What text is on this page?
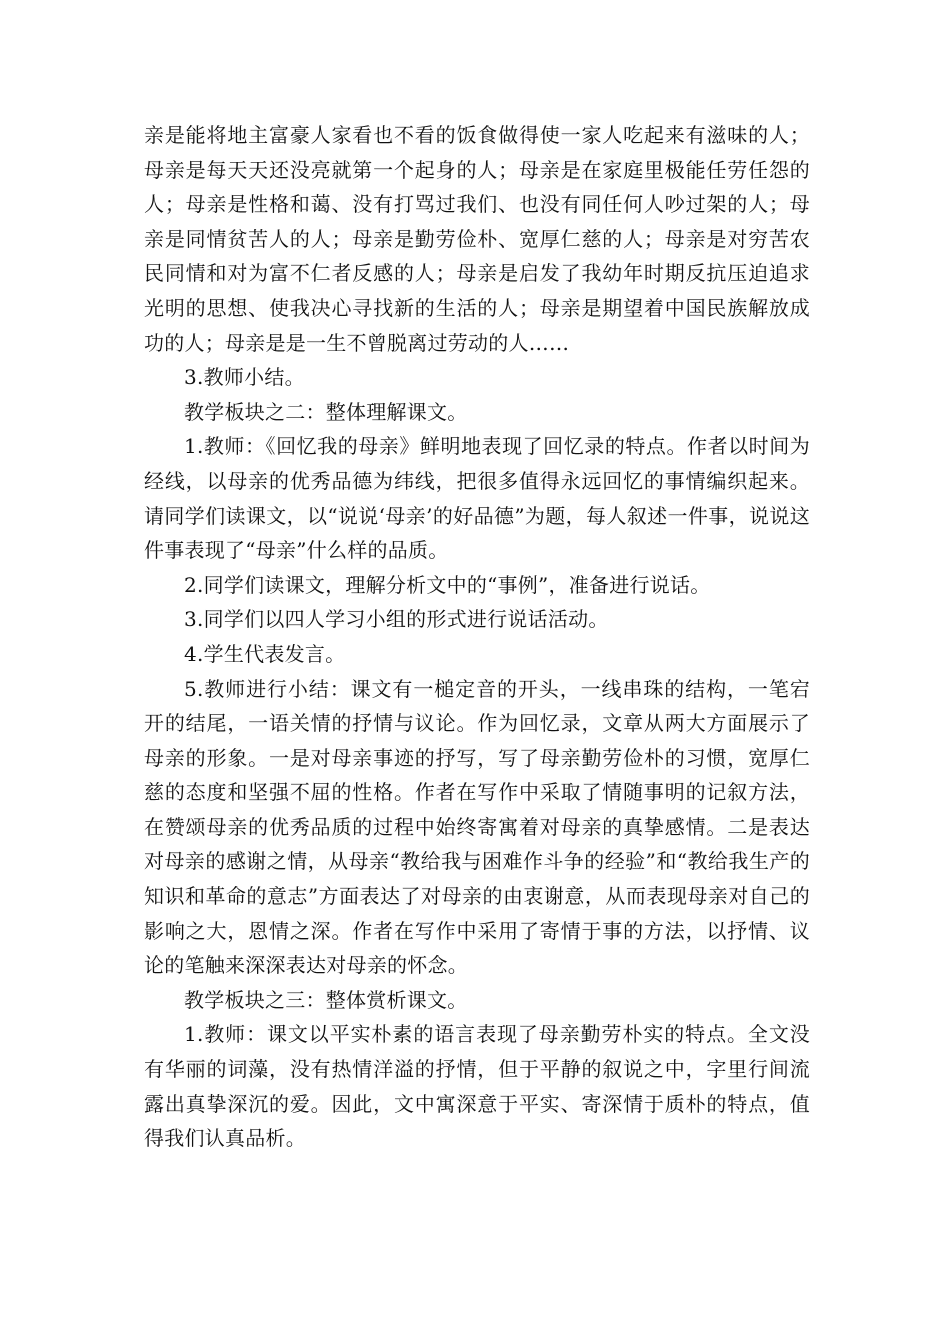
亲是能将地主富豪人家看也不看的饭食做得使一家人吃起来有滋味的人；母亲是每天天还没亮就第一个起身的人；母亲是在家庭里极能任劳任怨的人；母亲是性格和蔼、没有打骂过我们、也没有同任何人吵过架的人；母亲是同情贫苦人的人；母亲是勤劳俭朴、宽厚仁慈的人；母亲是对穷苦农民同情和对为富不仁者反感的人；母亲是启发了我幼年时期反抗压迫追求光明的思想、使我决心寻找新的生活的人；母亲是期望着中国民族解放成功的人；母亲是是一生不曾脱离过劳动的人……

3.教师小结。

教学板块之二：整体理解课文。

1.教师：《回忆我的母亲》鲜明地表现了回忆录的特点。作者以时间为经线，以母亲的优秀品德为纬线，把很多值得永远回忆的事情编织起来。请同学们读课文，以“说说‘母亲’的好品德”为题，每人叙述一件事，说说这件事表现了“母亲”什么样的品质。

2.同学们读课文，理解分析文中的“事例”，准备进行说话。

3.同学们以四人学习小组的形式进行说话活动。

4.学生代表发言。

5.教师进行小结：课文有一槌定音的开头，一线串珠的结构，一笔宕开的结尾，一语关情的抒情与议论。作为回忆录，文章从两大方面展示了母亲的形象。一是对母亲事迹的抒写，写了母亲勤劳俭朴的习惯，宽厚仁慈的态度和坚强不屈的性格。作者在写作中采取了情随事明的记叙方法，在赞颂母亲的优秀品质的过程中始终寄寓着对母亲的真挚感情。二是表达对母亲的感谢之情，从母亲“教给我与困难作斗争的经验”和“教给我生产的知识和革命的意志”方面表达了对母亲的由衷谢意，从而表现母亲对自己的影响之大，恩情之深。作者在写作中采用了寄情于事的方法，以抒情、议论的笔触来深深表达对母亲的怀念。

教学板块之三：整体赏析课文。

1.教师：课文以平实朴素的语言表现了母亲勤劳朴实的特点。全文没有华丽的词藻，没有热情洋溢的抒情，但于平静的叙说之中，字里行间流露出真挚深沉的爱。因此，文中寓深意于平实、寄深情于质朴的特点，值得我们认真品析。
